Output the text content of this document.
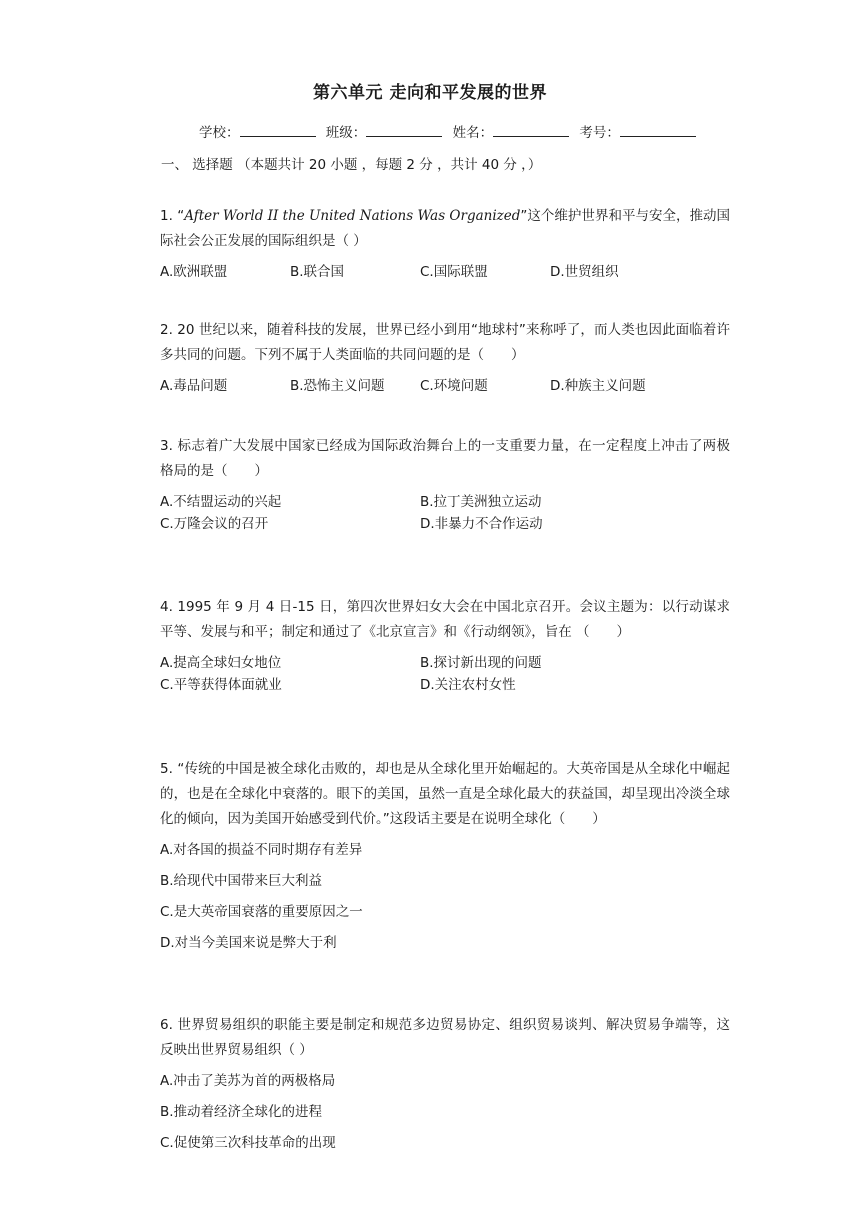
第六单元 走向和平发展的世界
学校：	班级：	姓名：	考号：
一、 选择题 （本题共计 20 小题 ，每题 2 分 ，共计 40 分 ，）
1. “After World II the United Nations Was Organized”这个维护世界和平与安全，推动国际社会公正发展的国际组织是（ ）
A.欧洲联盟	B.联合国	C.国际联盟	D.世贸组织
2. 20 世纪以来，随着科技的发展，世界已经小到用“地球村”来称呼了，而人类也因此面临着许多共同的问题。下列不属于人类面临的共同问题的是（　　）
A.毒品问题	B.恐怖主义问题	C.环境问题	D.种族主义问题
3. 标志着广大发展中国家已经成为国际政治舞台上的一支重要力量，在一定程度上冲击了两极格局的是（　　）
A.不结盟运动的兴起	B.拉丁美洲独立运动
C.万隆会议的召开	D.非暴力不合作运动
4. 1995 年 9 月 4 日-15 日，第四次世界妇女大会在中国北京召开。会议主题为：以行动谋求平等、发展与和平；制定和通过了《北京宣言》和《行动纲领》，旨在 （　　）
A.提高全球妇女地位	B.探讨新出现的问题
C.平等获得体面就业	D.关注农村女性
5. “传统的中国是被全球化击败的，却也是从全球化里开始崛起的。大英帝国是从全球化中崛起的，也是在全球化中衰落的。眼下的美国，虽然一直是全球化最大的获益国，却呈现出冷淡全球化的倾向，因为美国开始感受到代价。”这段话主要是在说明全球化（　　）
A.对各国的损益不同时期存有差异
B.给现代中国带来巨大利益
C.是大英帝国衰落的重要原因之一
D.对当今美国来说是弊大于利
6. 世界贸易组织的职能主要是制定和规范多边贸易协定、组织贸易谈判、解决贸易争端等，这反映出世界贸易组织（ ）
A.冲击了美苏为首的两极格局
B.推动着经济全球化的进程
C.促使第三次科技革命的出现
